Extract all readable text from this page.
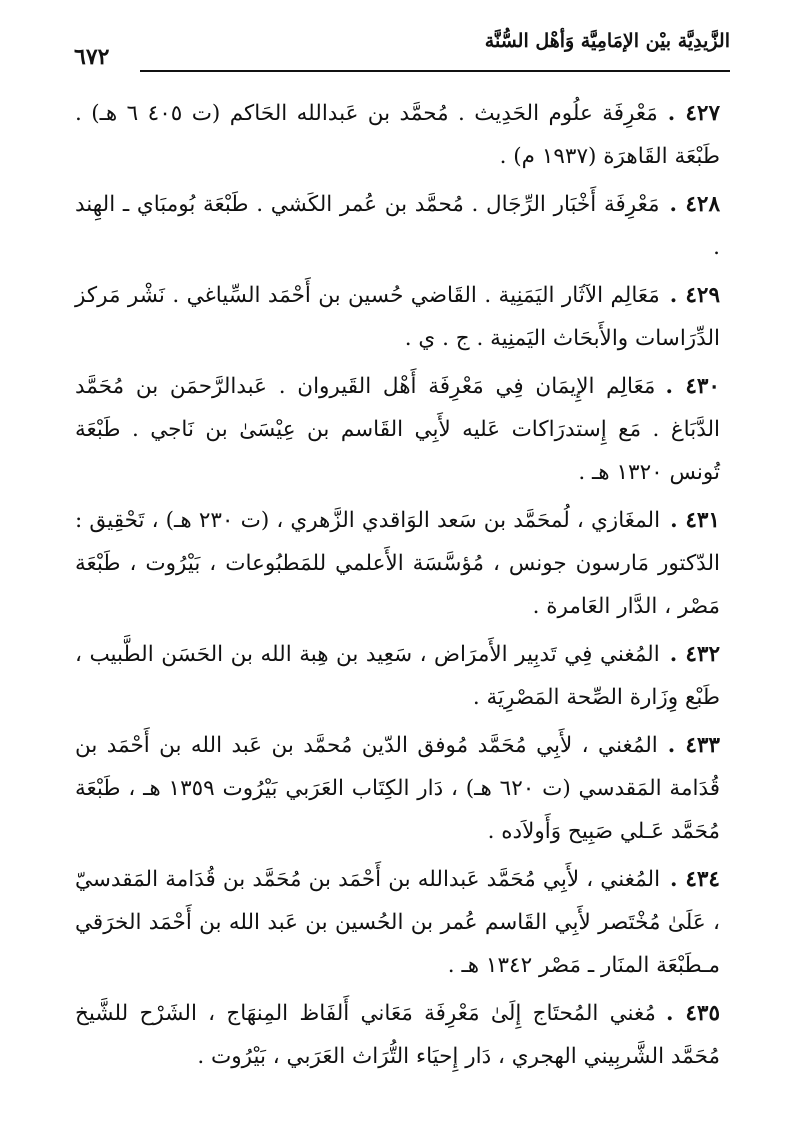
الزَّيدِيَّة بيْن الإمَامِيَّة وَأهْل السُّنَّة
٦٧٢

٤٢٧ .مَعْرِفَة علُوم الحَدِيث . مُحمَّد بن عَبدالله الحَاكم (ت ٤٠٥ ٦ هـ) . طَبْعَة القَاهرَة (١٩٣٧ م) .

٤٢٨ .مَعْرِفَة أَخْبَار الرِّجَال . مُحمَّد بن عُمر الكَشي . طَبْعَة بُومبَاي ـ الهِند .

٤٢٩ .مَعَالِم الآثَار اليَمَنِية . القَاضي حُسين بن أَحْمَد السِّياغي . نَشْر مَركز الدِّرَاسات والأَبحَاث اليَمنِية . ج . ي .

٤٣٠ .مَعَالِم الإِيمَان فِي مَعْرِفَة أَهْل القَيروان . عَبدالرَّحمَن بن مُحَمَّد الدَّبَاغ . مَع إِستدرَاكات عَليه لأَبِي القَاسم بن عِيْسَىٰ بن نَاجي . طَبْعَة تُونس ١٣٢٠ هـ .

٤٣١ .المغَازي ، لُمحَمَّد بن سَعد الوَاقدي الزَّهري ، (ت ٢٣٠ هـ) ، تَحْقِيق : الدّكتور مَارسون جونس ، مُؤسَّسَة الأَعلمي للمَطبُوعات ، بَيْرُوت ، طَبْعَة مَصْر ، الدَّار العَامرة .

٤٣٢ .المُغني فِي تَدبِير الأَمرَاض ، سَعِيد بن هِبة الله بن الحَسَن الطَّبيب ، طَبْع وِزَارة الصِّحة المَصْرِيَة .

٤٣٣ .المُغني ، لأَبِي مُحَمَّد مُوفق الدّين مُحمَّد بن عَبد الله بن أَحْمَد بن قُدَامة المَقدسي (ت ٦٢٠ هـ) ، دَار الكِتَاب العَرَبي بَيْرُوت ١٣٥٩ هـ ، طَبْعَة مُحَمَّد عَـلي صَبِيح وَأَولاَده .

٤٣٤ .المُغني ، لأَبِي مُحَمَّد عَبدالله بن أَحْمَد بن مُحَمَّد بن قُدَامة المَقدسيّ ، عَلَىٰ مُخْتَصر لأَبِي القَاسم عُمر بن الحُسين بن عَبد الله بن أَحْمَد الخرَقي مـطَبْعَة المنَار ـ مَصْر ١٣٤٢ هـ .

٤٣٥ .مُغني المُحتَاج إِلَىٰ مَعْرِفَة مَعَاني أَلفَاظ المِنهَاج ، الشَرْح للشَّيخ مُحَمَّد الشَّربِيني الهجري ، دَار إِحيَاء التُّرَاث العَرَبي ، بَيْرُوت .
